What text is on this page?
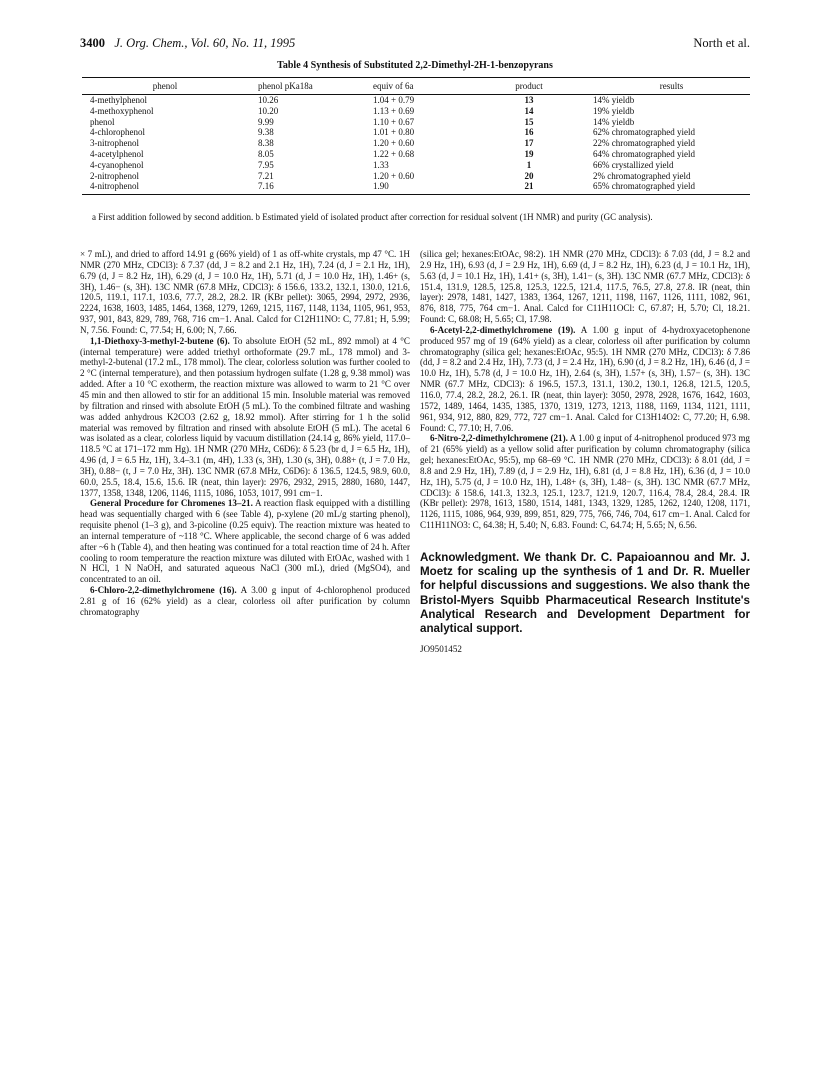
3400 J. Org. Chem., Vol. 60, No. 11, 1995	North et al.
Table 4 Synthesis of Substituted 2,2-Dimethyl-2H-1-benzopyrans
phenol	phenol pKa18a	equiv of 6a	product	results
4-methylphenol	10.26	1.04 + 0.79	13	14% yieldb
4-methoxyphenol	10.20	1.13 + 0.69	14	19% yieldb
phenol	9.99	1.10 + 0.67	15	14% yieldb
4-chlorophenol	9.38	1.01 + 0.80	16	62% chromatographed yield
3-nitrophenol	8.38	1.20 + 0.60	17	22% chromatographed yield
4-acetylphenol	8.05	1.22 + 0.68	19	64% chromatographed yield
4-cyanophenol	7.95	1.33	1	66% crystallized yield
2-nitrophenol	7.21	1.20 + 0.60	20	2% chromatographed yield
4-nitrophenol	7.16	1.90	21	65% chromatographed yield
a First addition followed by second addition. b Estimated yield of isolated product after correction for residual solvent (1H NMR) and purity (GC analysis).

× 7 mL), and dried to afford 14.91 g (66% yield) of 1 as off-white crystals, mp 47 °C. 1H NMR (270 MHz, CDCl3): δ 7.37 (dd, J = 8.2 and 2.1 Hz, 1H), 7.24 (d, J = 2.1 Hz, 1H), 6.79 (d, J = 8.2 Hz, 1H), 6.29 (d, J = 10.0 Hz, 1H), 5.71 (d, J = 10.0 Hz, 1H), 1.46+ (s, 3H), 1.46− (s, 3H). 13C NMR (67.8 MHz, CDCl3): δ 156.6, 133.2, 132.1, 130.0, 121.6, 120.5, 119.1, 117.1, 103.6, 77.7, 28.2, 28.2. IR (KBr pellet): 3065, 2994, 2972, 2936, 2224, 1638, 1603, 1485, 1464, 1368, 1279, 1269, 1215, 1167, 1148, 1134, 1105, 961, 953, 937, 901, 843, 829, 789, 768, 716 cm−1. Anal. Calcd for C12H11NO: C, 77.81; H, 5.99; N, 7.56. Found: C, 77.54; H, 6.00; N, 7.66.

1,1-Diethoxy-3-methyl-2-butene (6). To absolute EtOH (52 mL, 892 mmol) at 4 °C (internal temperature) were added triethyl orthoformate (29.7 mL, 178 mmol) and 3-methyl-2-butenal (17.2 mL, 178 mmol). The clear, colorless solution was further cooled to 2 °C (internal temperature), and then potassium hydrogen sulfate (1.28 g, 9.38 mmol) was added. After a 10 °C exotherm, the reaction mixture was allowed to warm to 21 °C over 45 min and then allowed to stir for an additional 15 min. Insoluble material was removed by filtration and rinsed with absolute EtOH (5 mL). To the combined filtrate and washing was added anhydrous K2CO3 (2.62 g, 18.92 mmol). After stirring for 1 h the solid material was removed by filtration and rinsed with absolute EtOH (5 mL). The acetal 6 was isolated as a clear, colorless liquid by vacuum distillation (24.14 g, 86% yield, 117.0–118.5 °C at 171–172 mm Hg). 1H NMR (270 MHz, C6D6): δ 5.23 (br d, J = 6.5 Hz, 1H), 4.96 (d, J = 6.5 Hz, 1H), 3.4–3.1 (m, 4H), 1.33 (s, 3H), 1.30 (s, 3H), 0.88+ (t, J = 7.0 Hz, 3H), 0.88− (t, J = 7.0 Hz, 3H). 13C NMR (67.8 MHz, C6D6): δ 136.5, 124.5, 98.9, 60.0, 60.0, 25.5, 18.4, 15.6, 15.6. IR (neat, thin layer): 2976, 2932, 2915, 2880, 1680, 1447, 1377, 1358, 1348, 1206, 1146, 1115, 1086, 1053, 1017, 991 cm−1.

General Procedure for Chromenes 13–21. A reaction flask equipped with a distilling head was sequentially charged with 6 (see Table 4), p-xylene (20 mL/g starting phenol), requisite phenol (1–3 g), and 3-picoline (0.25 equiv). The reaction mixture was heated to an internal temperature of ~118 °C. Where applicable, the second charge of 6 was added after ~6 h (Table 4), and then heating was continued for a total reaction time of 24 h. After cooling to room temperature the reaction mixture was diluted with EtOAc, washed with 1 N HCl, 1 N NaOH, and saturated aqueous NaCl (300 mL), dried (MgSO4), and concentrated to an oil.

6-Chloro-2,2-dimethylchromene (16). A 3.00 g input of 4-chlorophenol produced 2.81 g of 16 (62% yield) as a clear, colorless oil after purification by column chromatography

(silica gel; hexanes:EtOAc, 98:2). 1H NMR (270 MHz, CDCl3): δ 7.03 (dd, J = 8.2 and 2.9 Hz, 1H), 6.93 (d, J = 2.9 Hz, 1H), 6.69 (d, J = 8.2 Hz, 1H), 6.23 (d, J = 10.1 Hz, 1H), 5.63 (d, J = 10.1 Hz, 1H), 1.41+ (s, 3H), 1.41− (s, 3H). 13C NMR (67.7 MHz, CDCl3): δ 151.4, 131.9, 128.5, 125.8, 125.3, 122.5, 121.4, 117.5, 76.5, 27.8, 27.8. IR (neat, thin layer): 2978, 1481, 1427, 1383, 1364, 1267, 1211, 1198, 1167, 1126, 1111, 1082, 961, 876, 818, 775, 764 cm−1. Anal. Calcd for C11H11OCl: C, 67.87; H, 5.70; Cl, 18.21. Found: C, 68.08; H, 5.65; Cl, 17.98.

6-Acetyl-2,2-dimethylchromene (19). A 1.00 g input of 4-hydroxyacetophenone produced 957 mg of 19 (64% yield) as a clear, colorless oil after purification by column chromatography (silica gel; hexanes:EtOAc, 95:5). 1H NMR (270 MHz, CDCl3): δ 7.86 (dd, J = 8.2 and 2.4 Hz, 1H), 7.73 (d, J = 2.4 Hz, 1H), 6.90 (d, J = 8.2 Hz, 1H), 6.46 (d, J = 10.0 Hz, 1H), 5.78 (d, J = 10.0 Hz, 1H), 2.64 (s, 3H), 1.57+ (s, 3H), 1.57− (s, 3H). 13C NMR (67.7 MHz, CDCl3): δ 196.5, 157.3, 131.1, 130.2, 130.1, 126.8, 121.5, 120.5, 116.0, 77.4, 28.2, 28.2, 26.1. IR (neat, thin layer): 3050, 2978, 2928, 1676, 1642, 1603, 1572, 1489, 1464, 1435, 1385, 1370, 1319, 1273, 1213, 1188, 1169, 1134, 1121, 1111, 961, 934, 912, 880, 829, 772, 727 cm−1. Anal. Calcd for C13H14O2: C, 77.20; H, 6.98. Found: C, 77.10; H, 7.06.

6-Nitro-2,2-dimethylchromene (21). A 1.00 g input of 4-nitrophenol produced 973 mg of 21 (65% yield) as a yellow solid after purification by column chromatography (silica gel; hexanes:EtOAc, 95:5), mp 68–69 °C. 1H NMR (270 MHz, CDCl3): δ 8.01 (dd, J = 8.8 and 2.9 Hz, 1H), 7.89 (d, J = 2.9 Hz, 1H), 6.81 (d, J = 8.8 Hz, 1H), 6.36 (d, J = 10.0 Hz, 1H), 5.75 (d, J = 10.0 Hz, 1H), 1.48+ (s, 3H), 1.48− (s, 3H). 13C NMR (67.7 MHz, CDCl3): δ 158.6, 141.3, 132.3, 125.1, 123.7, 121.9, 120.7, 116.4, 78.4, 28.4, 28.4. IR (KBr pellet): 2978, 1613, 1580, 1514, 1481, 1343, 1329, 1285, 1262, 1240, 1208, 1171, 1126, 1115, 1086, 964, 939, 899, 851, 829, 775, 766, 746, 704, 617 cm−1. Anal. Calcd for C11H11NO3: C, 64.38; H, 5.40; N, 6.83. Found: C, 64.74; H, 5.65; N, 6.56.

Acknowledgment. We thank Dr. C. Papaioannou and Mr. J. Moetz for scaling up the synthesis of 1 and Dr. R. Mueller for helpful discussions and suggestions. We also thank the Bristol-Myers Squibb Pharmaceutical Research Institute's Analytical Research and Development Department for analytical support.

JO9501452
